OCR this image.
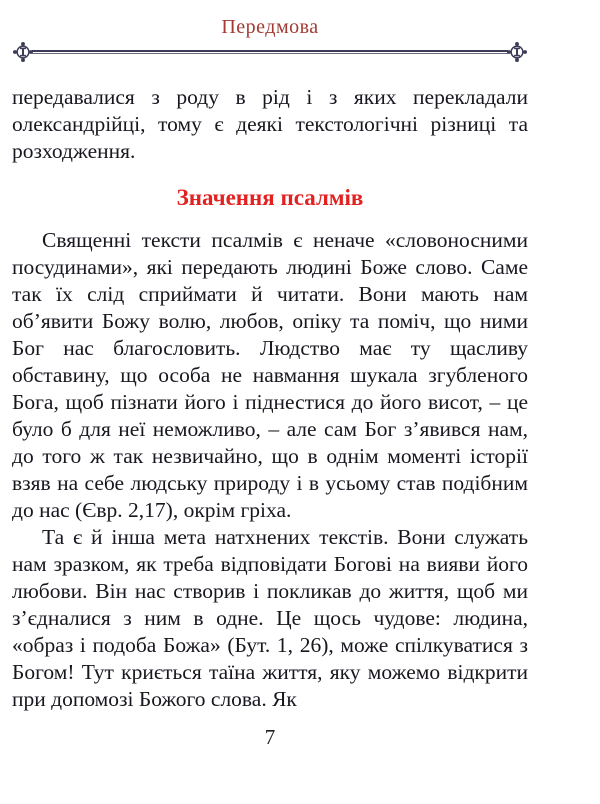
Передмова

передавалися з роду в рід і з яких перекладали олександрійці, тому є деякі текстологічні різниці та розходження.

Значення псалмів

Священні тексти псалмів є неначе «словоносними посудинами», які передають людині Боже слово. Саме так їх слід сприймати й читати. Вони мають нам об’явити Божу волю, любов, опіку та поміч, що ними Бог нас благословить. Людство має ту щасливу обставину, що особа не навмання шукала згубленого Бога, щоб пізнати його і піднестися до його висот, – це було б для неї неможливо, – але сам Бог з’явився нам, до того ж так незвичайно, що в однім моменті історії взяв на себе людську природу і в усьому став подібним до нас (Євр. 2,17), окрім гріха.

Та є й інша мета натхнених текстів. Вони служать нам зразком, як треба відповідати Богові на вияви його любови. Він нас створив і покликав до життя, щоб ми з’єдналися з ним в одне. Це щось чудове: людина, «образ і подоба Божа» (Бут. 1, 26), може спілкуватися з Богом! Тут криється таїна життя, яку можемо відкрити при допомозі Божого слова. Як

7
